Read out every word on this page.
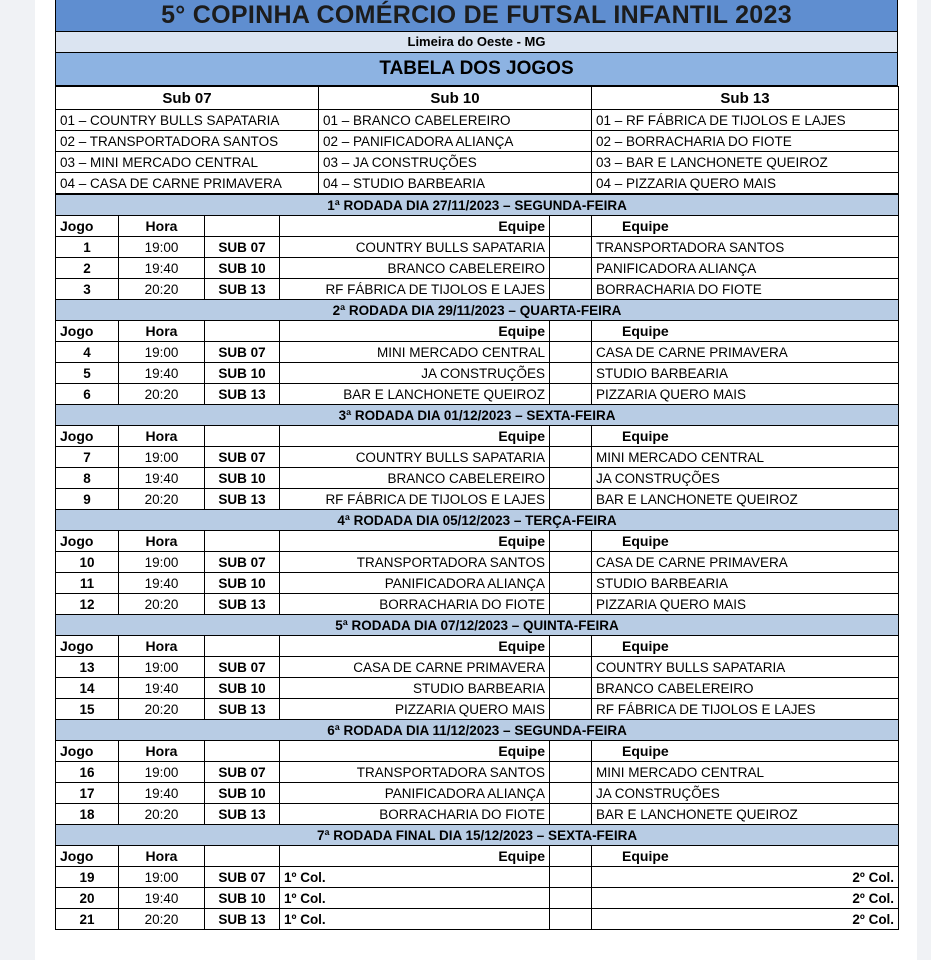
5° COPINHA COMÉRCIO DE FUTSAL INFANTIL 2023
Limeira do Oeste - MG
TABELA DOS JOGOS
Sub 07	Sub 10	Sub 13
01 – COUNTRY BULLS SAPATARIA	01 – BRANCO CABELEREIRO	01 – RF FÁBRICA DE TIJOLOS E LAJES
02 – TRANSPORTADORA SANTOS	02 – PANIFICADORA ALIANÇA	02 – BORRACHARIA DO FIOTE
03 – MINI MERCADO CENTRAL	03 – JA CONSTRUÇÕES	03 – BAR E LANCHONETE QUEIROZ
04 – CASA DE CARNE PRIMAVERA	04 – STUDIO BARBEARIA	04 – PIZZARIA QUERO MAIS
1ª RODADA DIA 27/11/2023 – SEGUNDA-FEIRA					
Jogo	Hora		Equipe		Equipe
1	19:00	SUB 07	COUNTRY BULLS SAPATARIA		TRANSPORTADORA SANTOS
2	19:40	SUB 10	BRANCO CABELEREIRO		PANIFICADORA ALIANÇA
3	20:20	SUB 13	RF FÁBRICA DE TIJOLOS E LAJES		BORRACHARIA DO FIOTE
2ª RODADA DIA 29/11/2023 – QUARTA-FEIRA					
Jogo	Hora		Equipe		Equipe
4	19:00	SUB 07	MINI MERCADO CENTRAL		CASA DE CARNE PRIMAVERA
5	19:40	SUB 10	JA CONSTRUÇÕES		STUDIO BARBEARIA
6	20:20	SUB 13	BAR E LANCHONETE QUEIROZ		PIZZARIA QUERO MAIS
3ª RODADA DIA 01/12/2023 – SEXTA-FEIRA					
Jogo	Hora		Equipe		Equipe
7	19:00	SUB 07	COUNTRY BULLS SAPATARIA		MINI MERCADO CENTRAL
8	19:40	SUB 10	BRANCO CABELEREIRO		JA CONSTRUÇÕES
9	20:20	SUB 13	RF FÁBRICA DE TIJOLOS E LAJES		BAR E LANCHONETE QUEIROZ
4ª RODADA DIA 05/12/2023 – TERÇA-FEIRA					
Jogo	Hora		Equipe		Equipe
10	19:00	SUB 07	TRANSPORTADORA SANTOS		CASA DE CARNE PRIMAVERA
11	19:40	SUB 10	PANIFICADORA ALIANÇA		STUDIO BARBEARIA
12	20:20	SUB 13	BORRACHARIA DO FIOTE		PIZZARIA QUERO MAIS
5ª RODADA DIA 07/12/2023 – QUINTA-FEIRA					
Jogo	Hora		Equipe		Equipe
13	19:00	SUB 07	CASA DE CARNE PRIMAVERA		COUNTRY BULLS SAPATARIA
14	19:40	SUB 10	STUDIO BARBEARIA		BRANCO CABELEREIRO
15	20:20	SUB 13	PIZZARIA QUERO MAIS		RF FÁBRICA DE TIJOLOS E LAJES
6ª RODADA DIA 11/12/2023 – SEGUNDA-FEIRA					
Jogo	Hora		Equipe		Equipe
16	19:00	SUB 07	TRANSPORTADORA SANTOS		MINI MERCADO CENTRAL
17	19:40	SUB 10	PANIFICADORA ALIANÇA		JA CONSTRUÇÕES
18	20:20	SUB 13	BORRACHARIA DO FIOTE		BAR E LANCHONETE QUEIROZ
7ª RODADA FINAL DIA 15/12/2023 – SEXTA-FEIRA					
Jogo	Hora		Equipe		Equipe
19	19:00	SUB 07	1º Col.		2º Col.
20	19:40	SUB 10	1º Col.		2º Col.
21	20:20	SUB 13	1º Col.		2º Col.
